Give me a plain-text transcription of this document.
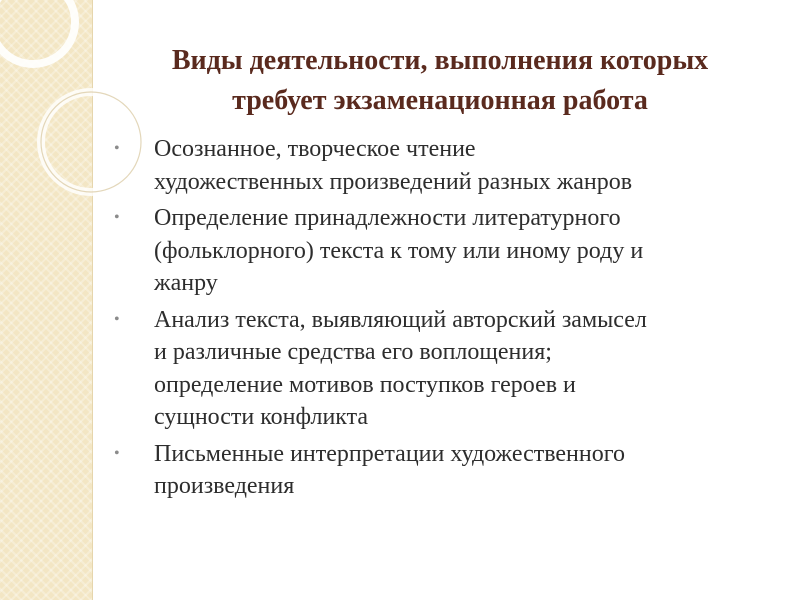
Виды деятельности, выполнения которых
требует экзаменационная работа
• Осознанное, творческое чтение
художественных произведений разных жанров
• Определение принадлежности литературного
(фольклорного) текста к тому или иному роду и
жанру
• Анализ текста, выявляющий авторский замысел
и различные средства его воплощения;
определение мотивов поступков героев и
сущности конфликта
• Письменные интерпретации художественного
произведения
